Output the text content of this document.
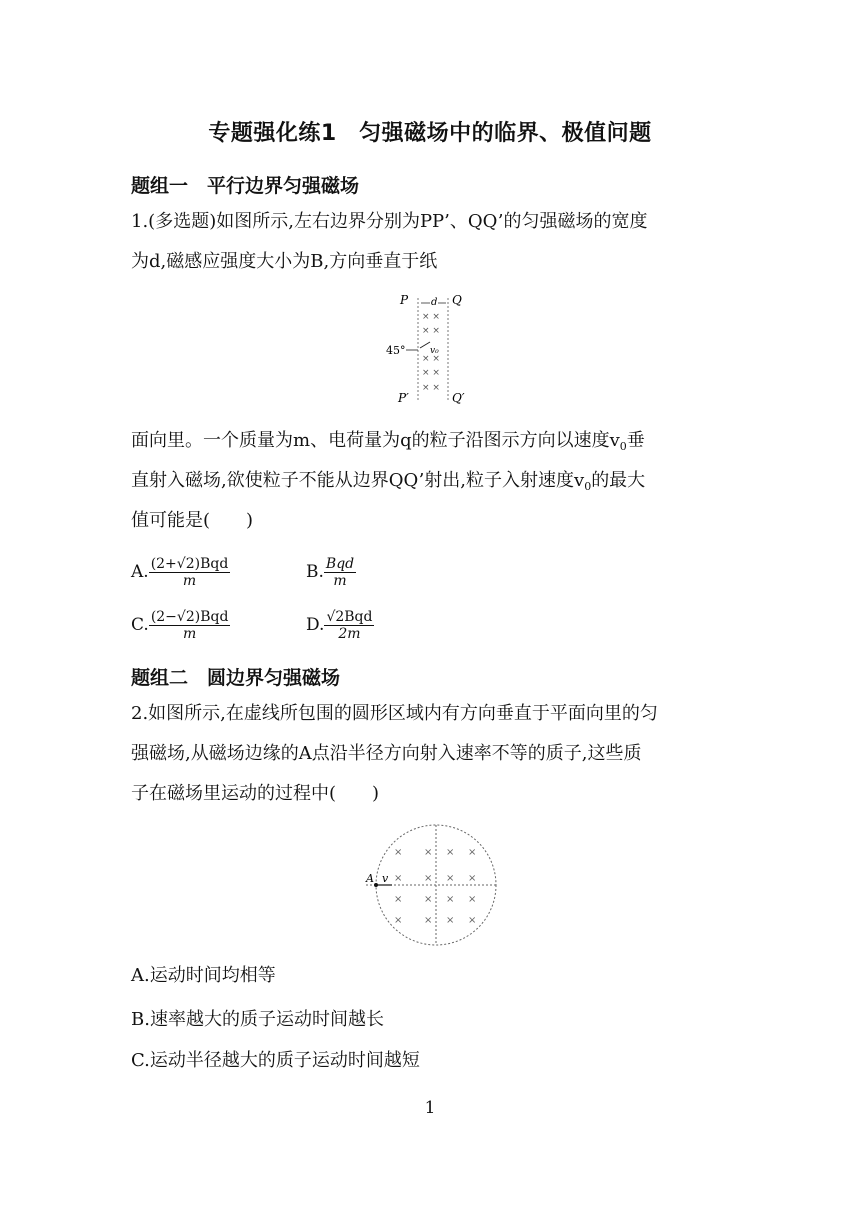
专题强化练1　匀强磁场中的临界、极值问题
题组一　平行边界匀强磁场
1.(多选题)如图所示,左右边界分别为PP’、QQ’的匀强磁场的宽度
为d,磁感应强度大小为B,方向垂直于纸
× ×
× ×
× ×
× ×
× ×
P	Q
d
45°	v₀
P′	Q′
面向里。一个质量为m、电荷量为q的粒子沿图示方向以速度$v_0$垂
直射入磁场,欲使粒子不能从边界QQ’射出,粒子入射速度$v_0$的最大
值可能是(　　)
A. $\frac{\text{(2+√2)Bqd}}{m}$	B. $\frac{\text{Bqd}}{m}$
C. $\frac{\text{(2−√2)Bqd}}{m}$	D. $\frac{\text{√2Bqd}}{2m}$
题组二　圆边界匀强磁场
2.如图所示,在虚线所包围的圆形区域内有方向垂直于平面向里的匀
强磁场,从磁场边缘的A点沿半径方向射入速率不等的质子,这些质
子在磁场里运动的过程中(　　)
× × × ×
× × × ×
× × × ×
× × × ×
A v
A.运动时间均相等
B.速率越大的质子运动时间越长
C.运动半径越大的质子运动时间越短
1
